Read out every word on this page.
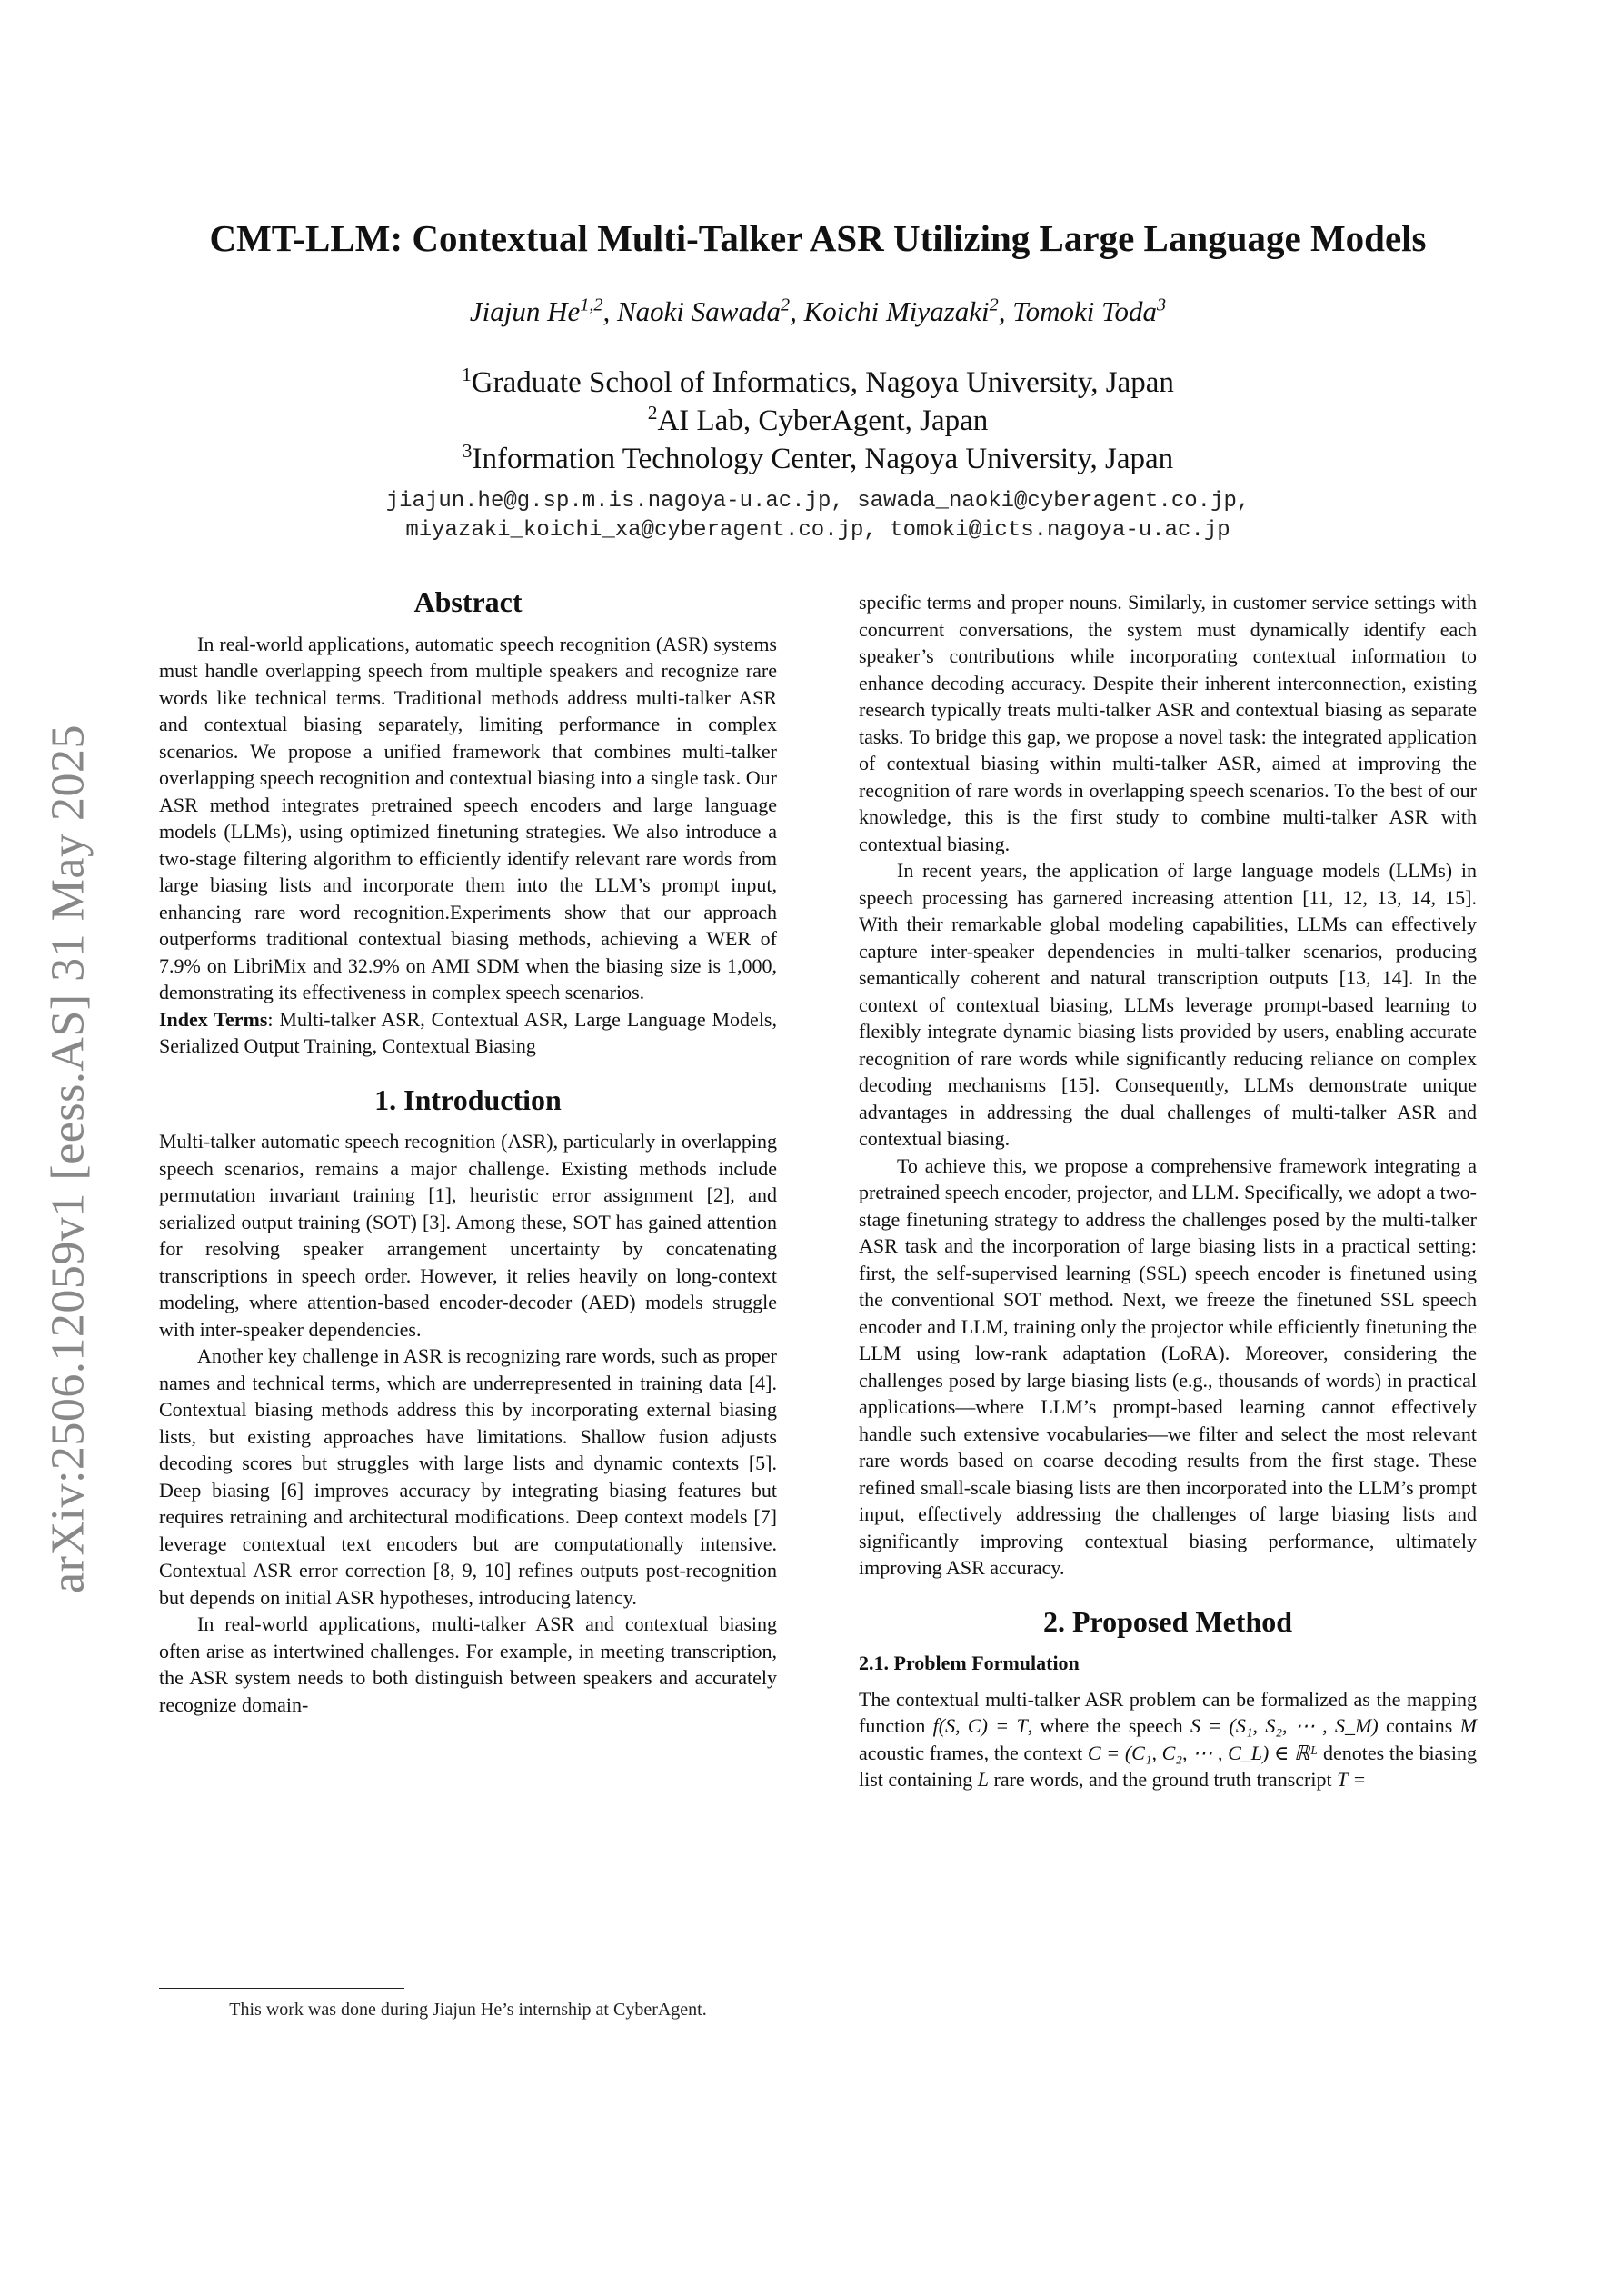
arXiv:2506.12059v1 [eess.AS] 31 May 2025
CMT-LLM: Contextual Multi-Talker ASR Utilizing Large Language Models
Jiajun He$^{1,2}$, Naoki Sawada$^2$, Koichi Miyazaki$^2$, Tomoki Toda$^3$
$^1$Graduate School of Informatics, Nagoya University, Japan
$^2$AI Lab, CyberAgent, Japan
$^3$Information Technology Center, Nagoya University, Japan
jiajun.he@g.sp.m.is.nagoya-u.ac.jp, sawada_naoki@cyberagent.co.jp,
miyazaki_koichi_xa@cyberagent.co.jp, tomoki@icts.nagoya-u.ac.jp
Abstract

In real-world applications, automatic speech recognition (ASR) systems must handle overlapping speech from multiple speakers and recognize rare words like technical terms. Traditional methods address multi-talker ASR and contextual biasing separately, limiting performance in complex scenarios. We propose a unified framework that combines multi-talker overlapping speech recognition and contextual biasing into a single task. Our ASR method integrates pretrained speech encoders and large language models (LLMs), using optimized finetuning strategies. We also introduce a two-stage filtering algorithm to efficiently identify relevant rare words from large biasing lists and incorporate them into the LLM’s prompt input, enhancing rare word recognition.Experiments show that our approach outperforms traditional contextual biasing methods, achieving a WER of 7.9% on LibriMix and 32.9% on AMI SDM when the biasing size is 1,000, demonstrating its effectiveness in complex speech scenarios.

Index Terms: Multi-talker ASR, Contextual ASR, Large Language Models, Serialized Output Training, Contextual Biasing

1. Introduction

Multi-talker automatic speech recognition (ASR), particularly in overlapping speech scenarios, remains a major challenge. Existing methods include permutation invariant training [1], heuristic error assignment [2], and serialized output training (SOT) [3]. Among these, SOT has gained attention for resolving speaker arrangement uncertainty by concatenating transcriptions in speech order. However, it relies heavily on long-context modeling, where attention-based encoder-decoder (AED) models struggle with inter-speaker dependencies.

Another key challenge in ASR is recognizing rare words, such as proper names and technical terms, which are underrepresented in training data [4]. Contextual biasing methods address this by incorporating external biasing lists, but existing approaches have limitations. Shallow fusion adjusts decoding scores but struggles with large lists and dynamic contexts [5]. Deep biasing [6] improves accuracy by integrating biasing features but requires retraining and architectural modifications. Deep context models [7] leverage contextual text encoders but are computationally intensive. Contextual ASR error correction [8, 9, 10] refines outputs post-recognition but depends on initial ASR hypotheses, introducing latency.

In real-world applications, multi-talker ASR and contextual biasing often arise as intertwined challenges. For example, in meeting transcription, the ASR system needs to both distinguish between speakers and accurately recognize domain-

specific terms and proper nouns. Similarly, in customer service settings with concurrent conversations, the system must dynamically identify each speaker’s contributions while incorporating contextual information to enhance decoding accuracy. Despite their inherent interconnection, existing research typically treats multi-talker ASR and contextual biasing as separate tasks. To bridge this gap, we propose a novel task: the integrated application of contextual biasing within multi-talker ASR, aimed at improving the recognition of rare words in overlapping speech scenarios. To the best of our knowledge, this is the first study to combine multi-talker ASR with contextual biasing.

In recent years, the application of large language models (LLMs) in speech processing has garnered increasing attention [11, 12, 13, 14, 15]. With their remarkable global modeling capabilities, LLMs can effectively capture inter-speaker dependencies in multi-talker scenarios, producing semantically coherent and natural transcription outputs [13, 14]. In the context of contextual biasing, LLMs leverage prompt-based learning to flexibly integrate dynamic biasing lists provided by users, enabling accurate recognition of rare words while significantly reducing reliance on complex decoding mechanisms [15]. Consequently, LLMs demonstrate unique advantages in addressing the dual challenges of multi-talker ASR and contextual biasing.

To achieve this, we propose a comprehensive framework integrating a pretrained speech encoder, projector, and LLM. Specifically, we adopt a two-stage finetuning strategy to address the challenges posed by the multi-talker ASR task and the incorporation of large biasing lists in a practical setting: first, the self-supervised learning (SSL) speech encoder is finetuned using the conventional SOT method. Next, we freeze the finetuned SSL speech encoder and LLM, training only the projector while efficiently finetuning the LLM using low-rank adaptation (LoRA). Moreover, considering the challenges posed by large biasing lists (e.g., thousands of words) in practical applications—where LLM’s prompt-based learning cannot effectively handle such extensive vocabularies—we filter and select the most relevant rare words based on coarse decoding results from the first stage. These refined small-scale biasing lists are then incorporated into the LLM’s prompt input, effectively addressing the challenges of large biasing lists and significantly improving contextual biasing performance, ultimately improving ASR accuracy.

2. Proposed Method
2.1. Problem Formulation

The contextual multi-talker ASR problem can be formalized as the mapping function f(S, C) = T, where the speech S = (S₁, S₂, ⋯ , S_M) contains M acoustic frames, the context C = (C₁, C₂, ⋯ , C_L) ∈ ℝᴸ denotes the biasing list containing L rare words, and the ground truth transcript T =

This work was done during Jiajun He’s internship at CyberAgent.
